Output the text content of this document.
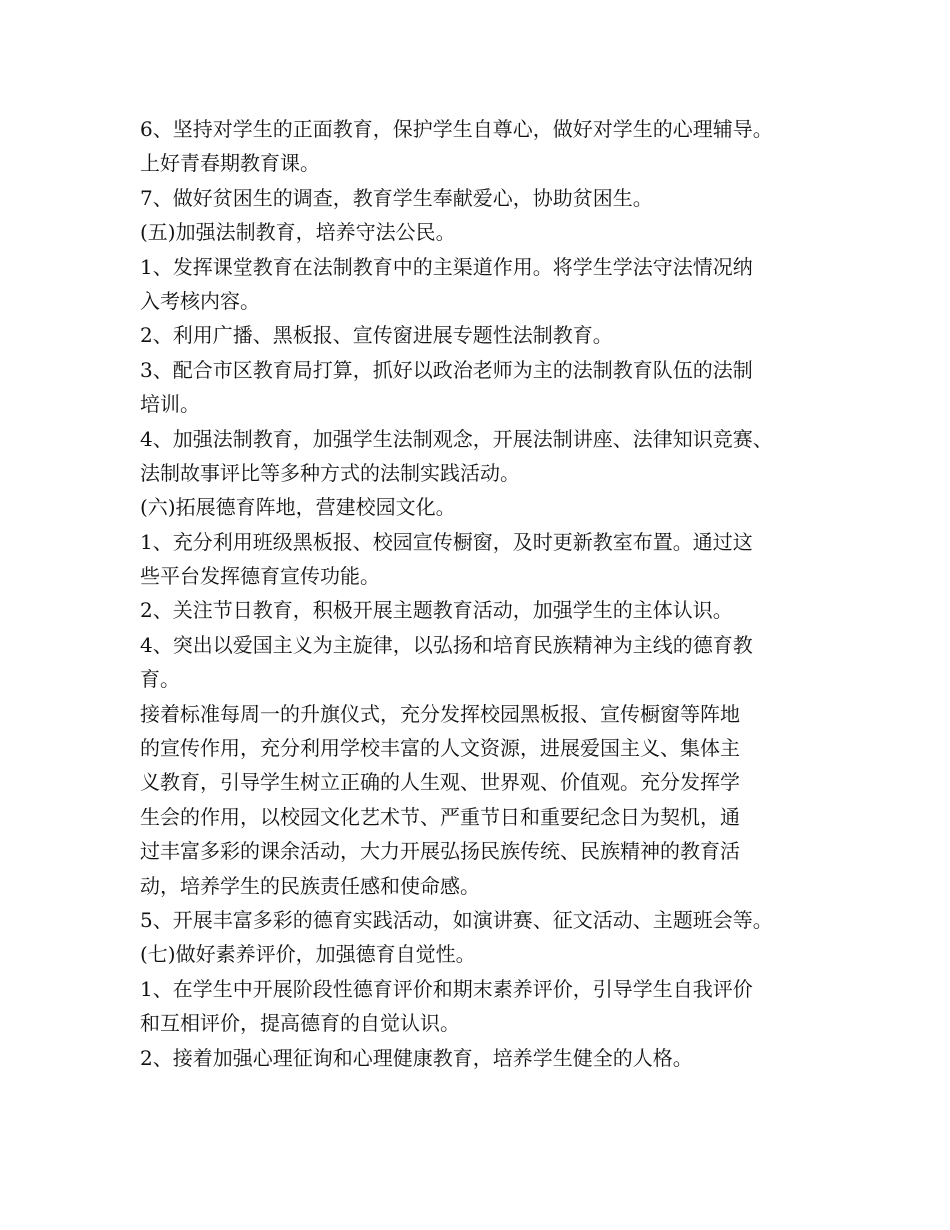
6、坚持对学生的正面教育，保护学生自尊心，做好对学生的心理辅导。

上好青春期教育课。

7、做好贫困生的调查，教育学生奉献爱心，协助贫困生。

(五)加强法制教育，培养守法公民。

1、发挥课堂教育在法制教育中的主渠道作用。将学生学法守法情况纳

入考核内容。

2、利用广播、黑板报、宣传窗进展专题性法制教育。

3、配合市区教育局打算，抓好以政治老师为主的法制教育队伍的法制

培训。

4、加强法制教育，加强学生法制观念，开展法制讲座、法律知识竞赛、

法制故事评比等多种方式的法制实践活动。

(六)拓展德育阵地，营建校园文化。

1、充分利用班级黑板报、校园宣传橱窗，及时更新教室布置。通过这

些平台发挥德育宣传功能。

2、关注节日教育，积极开展主题教育活动，加强学生的主体认识。

4、突出以爱国主义为主旋律，以弘扬和培育民族精神为主线的德育教

育。

接着标准每周一的升旗仪式，充分发挥校园黑板报、宣传橱窗等阵地

的宣传作用，充分利用学校丰富的人文资源，进展爱国主义、集体主

义教育，引导学生树立正确的人生观、世界观、价值观。充分发挥学

生会的作用，以校园文化艺术节、严重节日和重要纪念日为契机，通

过丰富多彩的课余活动，大力开展弘扬民族传统、民族精神的教育活

动，培养学生的民族责任感和使命感。

5、开展丰富多彩的德育实践活动，如演讲赛、征文活动、主题班会等。

(七)做好素养评价，加强德育自觉性。

1、在学生中开展阶段性德育评价和期末素养评价，引导学生自我评价

和互相评价，提高德育的自觉认识。

2、接着加强心理征询和心理健康教育，培养学生健全的人格。
